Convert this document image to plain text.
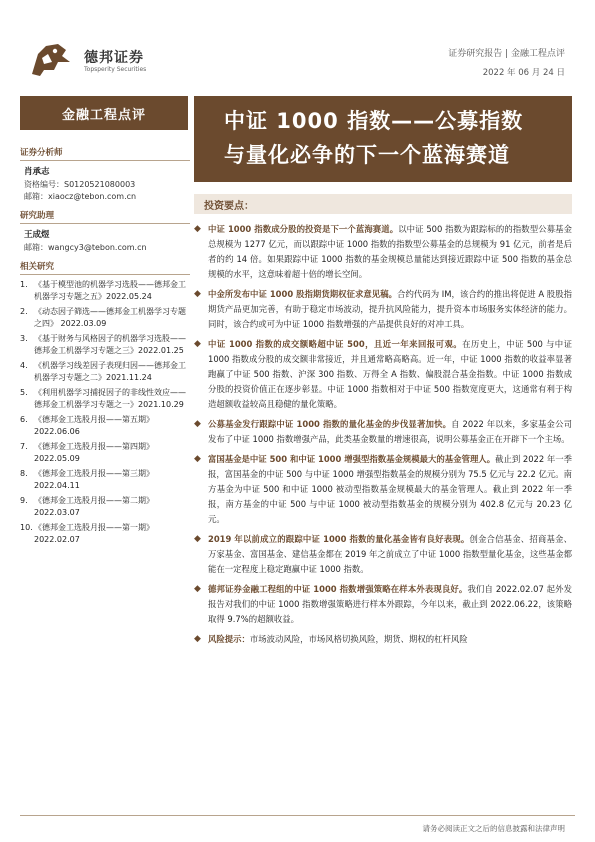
德邦证券
Topsperity Securities
证券研究报告 | 金融工程点评
2022 年 06 月 24 日
金融工程点评	中证 1000 指数——公募指数
与量化必争的下一个蓝海赛道
证券分析师
肖承志
资格编号：S0120521080003
邮箱：xiaocz@tebon.com.cn
研究助理
王成煜
邮箱：wangcy3@tebon.com.cn
相关研究
1. 《基于模型池的机器学习选股——德邦金工机器学习专题之五》2022.05.24
2. 《动态因子筛选——德邦金工机器学习专题之四》 2022.03.09
3. 《基于财务与风格因子的机器学习选股——德邦金工机器学习专题之三》2022.01.25
4. 《机器学习线差因子表现归因——德邦金工机器学习专题之二》2021.11.24
5. 《利用机器学习捕捉因子的非线性效应——德邦金工机器学习专题之一》2021.10.29
6. 《德邦金工选股月报——第五期》2022.06.06
7. 《德邦金工选股月报——第四期》2022.05.09
8. 《德邦金工选股月报——第三期》2022.04.11
9. 《德邦金工选股月报——第二期》2022.03.07
10. 《德邦金工选股月报——第一期》2022.02.07
投资要点：
◆ 中证 1000 指数成分股的投资是下一个蓝海赛道。以中证 500 指数为跟踪标的的指数型公募基金总规模为 1277 亿元，而以跟踪中证 1000 指数的指数型公募基金的总规模为 91 亿元，前者是后者的约 14 倍。如果跟踪中证 1000 指数的基金规模总量能达到接近跟踪中证 500 指数的基金总规模的水平，这意味着超十倍的增长空间。
◆ 中金所发布中证 1000 股指期货期权征求意见稿。合约代码为 IM，该合约的推出将促进 A 股股指期货产品更加完善，有助于稳定市场波动，提升抗风险能力，提升资本市场服务实体经济的能力。同时，该合约或可为中证 1000 指数增强的产品提供良好的对冲工具。
◆ 中证 1000 指数的成交额略超中证 500，且近一年来回报可观。在历史上，中证 500 与中证 1000 指数成分股的成交额非常接近，并且通常略高略高。近一年，中证 1000 指数的收益率显著跑赢了中证 500 指数、沪深 300 指数、万得全 A 指数、偏股混合基金指数。中证 1000 指数成分股的投资价值正在逐步彰显。中证 1000 指数相对于中证 500 指数宽度更大，这通常有利于构造超额收益较高且稳健的量化策略。
◆ 公募基金发行跟踪中证 1000 指数的量化基金的步伐显著加快。自 2022 年以来，多家基金公司发布了中证 1000 指数增强产品，此类基金数量的增速很高，说明公募基金正在开辟下一个主场。
◆ 富国基金是中证 500 和中证 1000 增强型指数基金规模最大的基金管理人。截止到 2022 年一季报，富国基金的中证 500 与中证 1000 增强型指数基金的规模分别为 75.5 亿元与 22.2 亿元。南方基金为中证 500 和中证 1000 被动型指数基金规模最大的基金管理人。截止到 2022 年一季报，南方基金的中证 500 与中证 1000 被动型指数基金的规模分别为 402.8 亿元与 20.23 亿元。
◆ 2019 年以前成立的跟踪中证 1000 指数的量化基金皆有良好表现。创金合信基金、招商基金、万家基金、富国基金、建信基金都在 2019 年之前成立了中证 1000 指数型量化基金，这些基金都能在一定程度上稳定跑赢中证 1000 指数。
◆ 德邦证券金融工程组的中证 1000 指数增强策略在样本外表现良好。我们自 2022.02.07 起外发报告对我们的中证 1000 指数增强策略进行样本外跟踪，今年以来，截止到 2022.06.22，该策略取得 9.7%的超额收益。
◆ 风险提示：市场波动风险，市场风格切换风险，期货、期权的杠杆风险
请务必阅读正文之后的信息披露和法律声明
